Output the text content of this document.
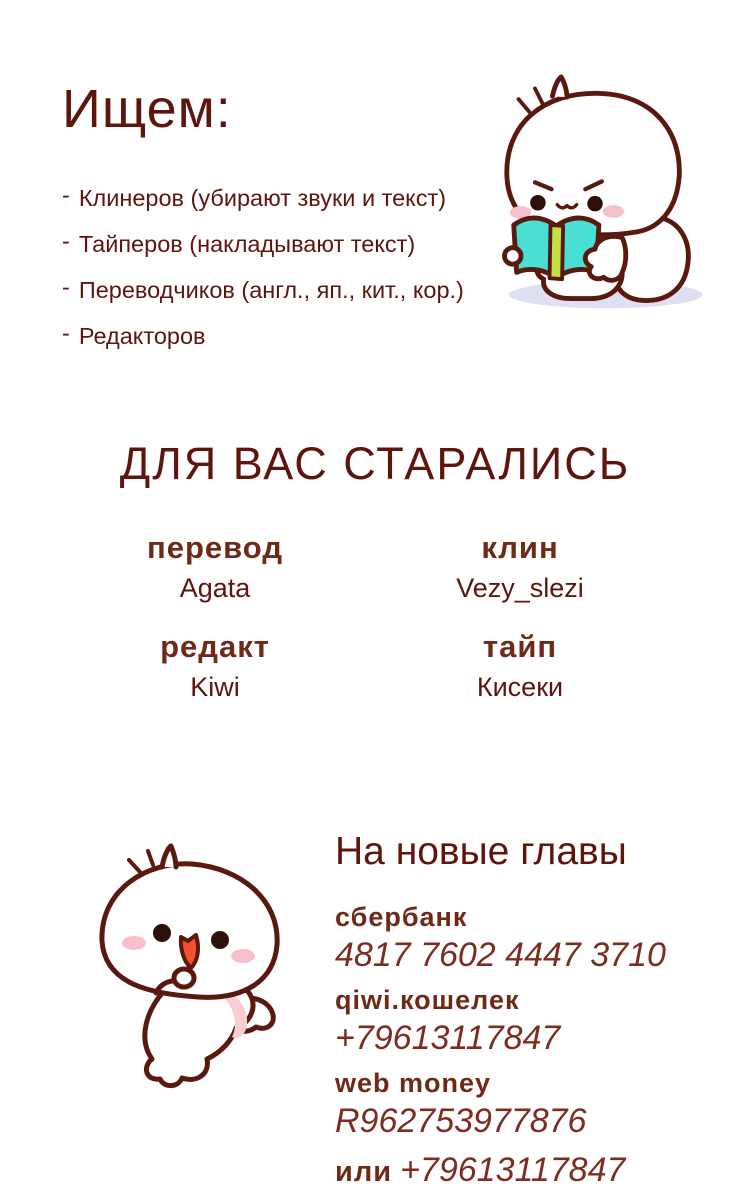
Ищем:
- Клинеров (убирают звуки и текст)
- Тайперов (накладывают текст)
- Переводчиков (англ., яп., кит., кор.)
- Редакторов
ДЛЯ ВАС СТАРАЛИСЬ
перевод
Agata
редакт
Kiwi
клин
Vezy_slezi
тайп
Кисеки
На новые главы
сбербанк
4817 7602 4447 3710
qiwi.кошелек
+79613117847
web money
R962753977876
или +79613117847
